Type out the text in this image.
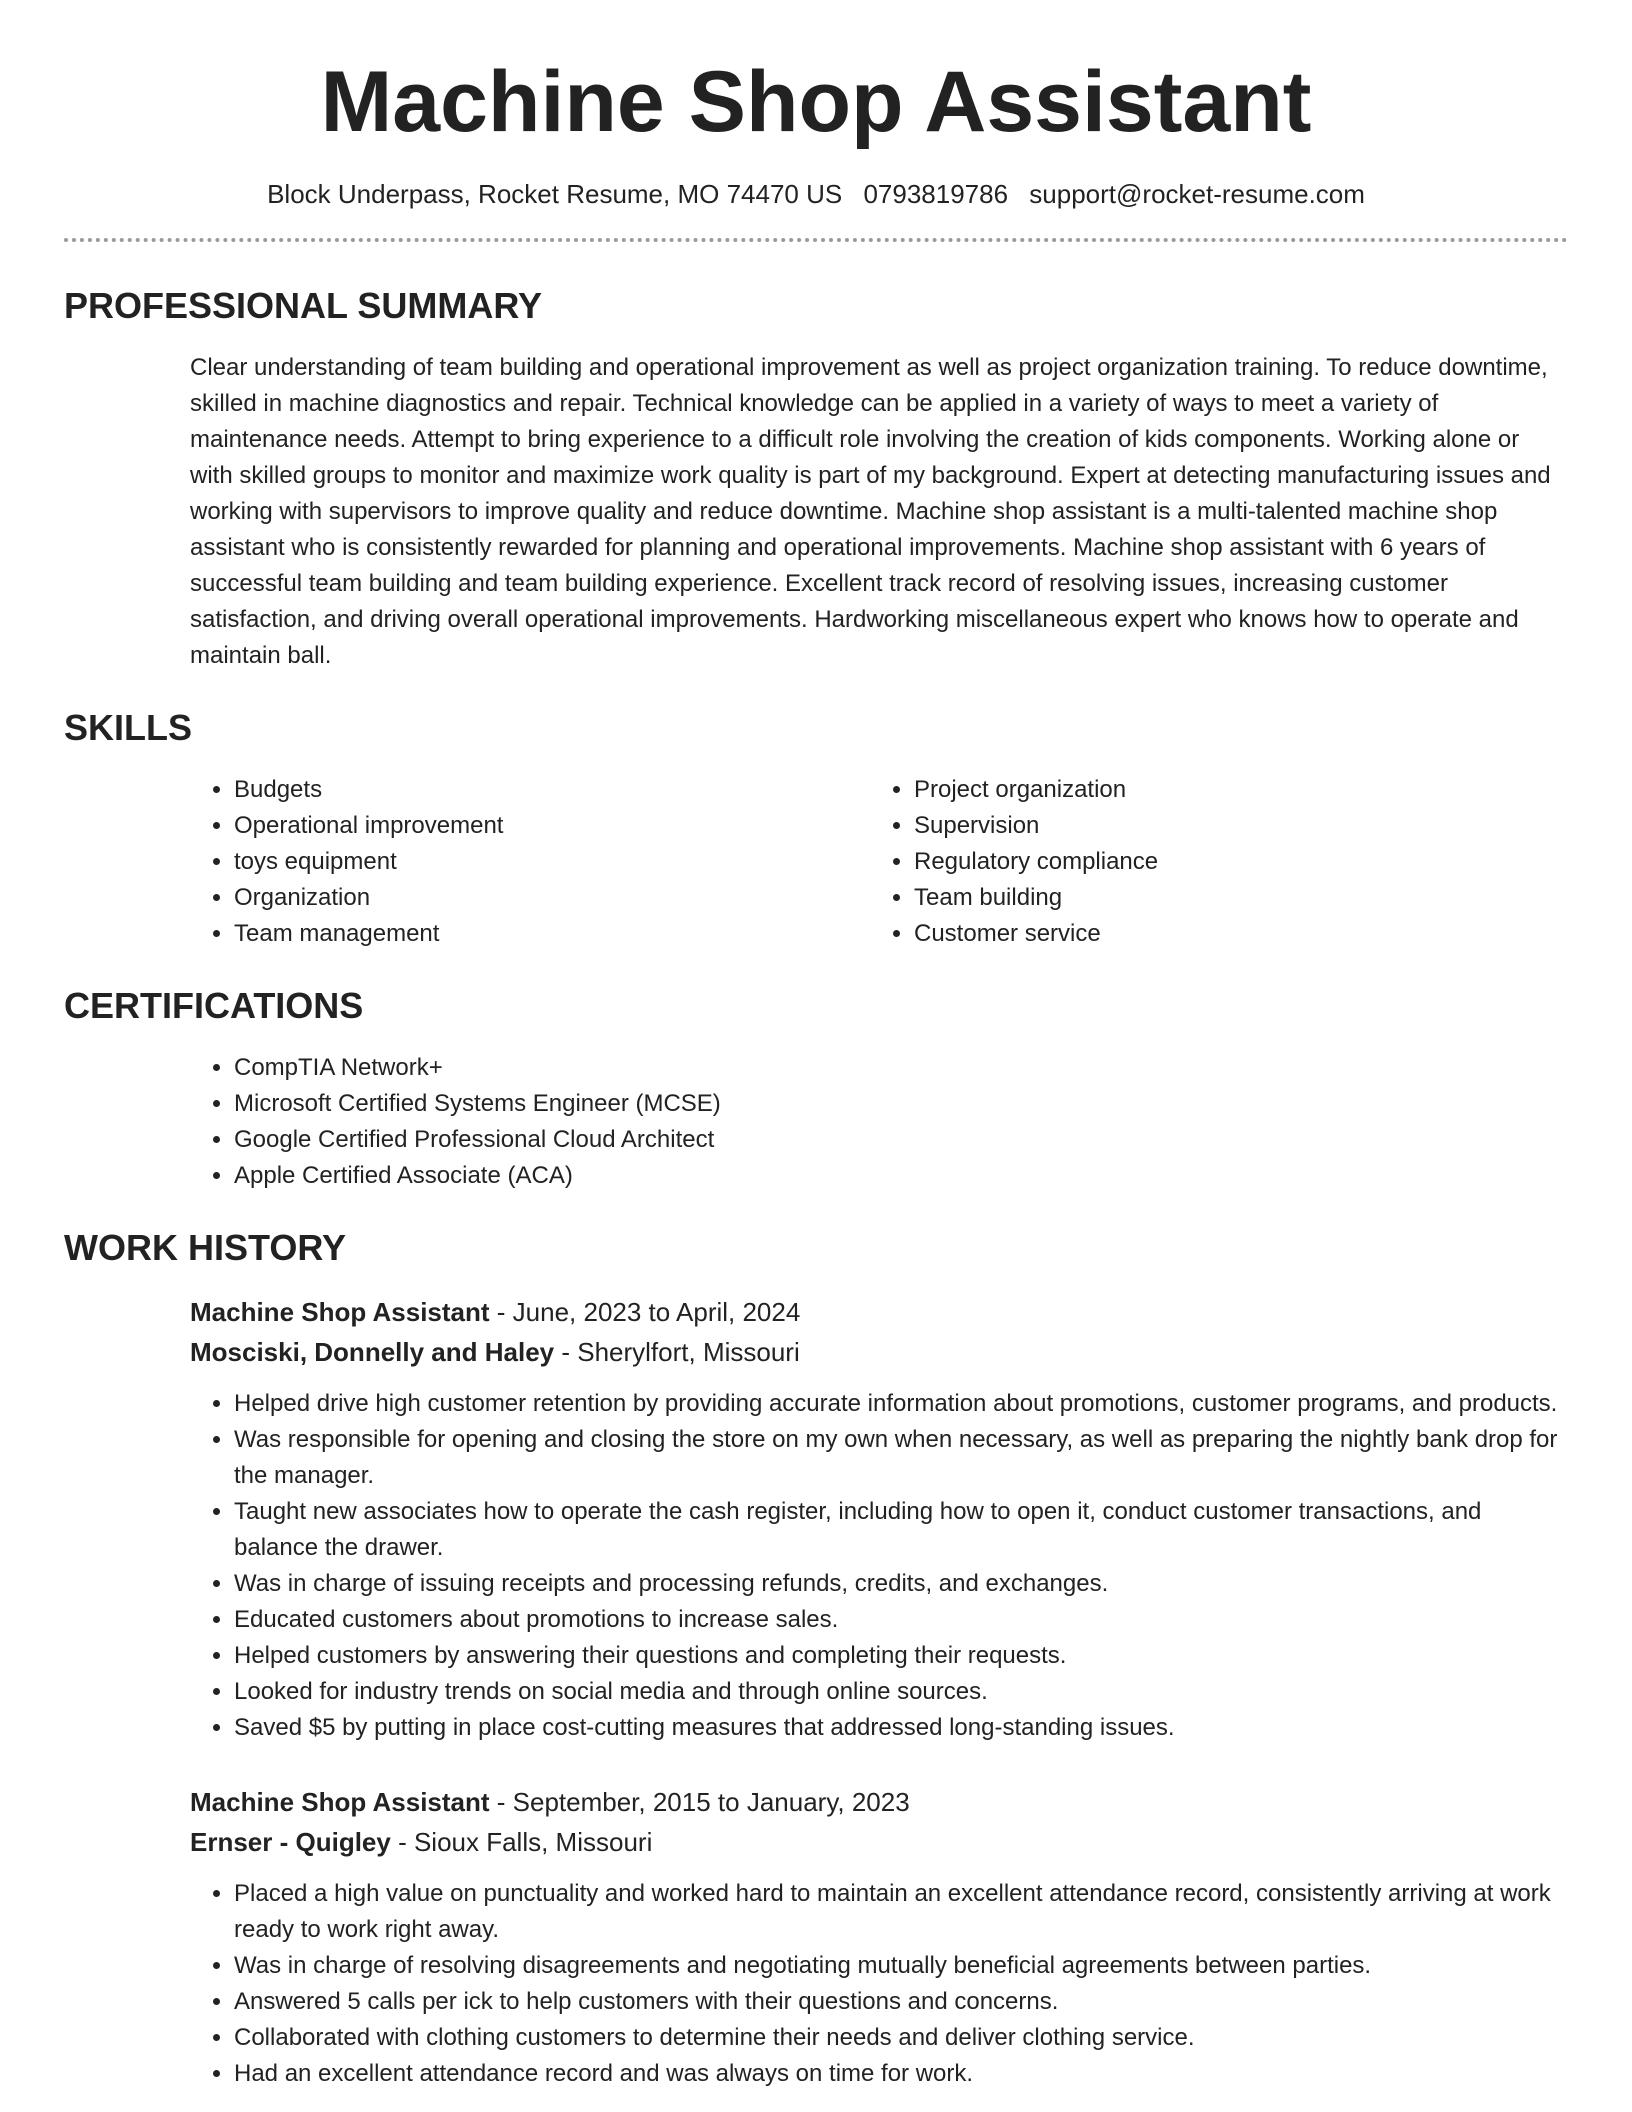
Machine Shop Assistant
Block Underpass, Rocket Resume, MO 74470 US 0793819786 support@rocket-resume.com
PROFESSIONAL SUMMARY

Clear understanding of team building and operational improvement as well as project organization training. To reduce downtime, skilled in machine diagnostics and repair. Technical knowledge can be applied in a variety of ways to meet a variety of maintenance needs. Attempt to bring experience to a difficult role involving the creation of kids components. Working alone or with skilled groups to monitor and maximize work quality is part of my background. Expert at detecting manufacturing issues and working with supervisors to improve quality and reduce downtime. Machine shop assistant is a multi-talented machine shop assistant who is consistently rewarded for planning and operational improvements. Machine shop assistant with 6 years of successful team building and team building experience. Excellent track record of resolving issues, increasing customer satisfaction, and driving overall operational improvements. Hardworking miscellaneous expert who knows how to operate and maintain ball.

SKILLS
• Budgets
• Operational improvement
• toys equipment
• Organization
• Team management
• Project organization
• Supervision
• Regulatory compliance
• Team building
• Customer service
CERTIFICATIONS
• CompTIA Network+
• Microsoft Certified Systems Engineer (MCSE)
• Google Certified Professional Cloud Architect
• Apple Certified Associate (ACA)
WORK HISTORY
Machine Shop Assistant - June, 2023 to April, 2024
Mosciski, Donnelly and Haley - Sherylfort, Missouri
• Helped drive high customer retention by providing accurate information about promotions, customer programs, and products.
• Was responsible for opening and closing the store on my own when necessary, as well as preparing the nightly bank drop for the manager.
• Taught new associates how to operate the cash register, including how to open it, conduct customer transactions, and balance the drawer.
• Was in charge of issuing receipts and processing refunds, credits, and exchanges.
• Educated customers about promotions to increase sales.
• Helped customers by answering their questions and completing their requests.
• Looked for industry trends on social media and through online sources.
• Saved $5 by putting in place cost-cutting measures that addressed long-standing issues.
Machine Shop Assistant - September, 2015 to January, 2023
Ernser - Quigley - Sioux Falls, Missouri
• Placed a high value on punctuality and worked hard to maintain an excellent attendance record, consistently arriving at work ready to work right away.
• Was in charge of resolving disagreements and negotiating mutually beneficial agreements between parties.
• Answered 5 calls per ick to help customers with their questions and concerns.
• Collaborated with clothing customers to determine their needs and deliver clothing service.
• Had an excellent attendance record and was always on time for work.
